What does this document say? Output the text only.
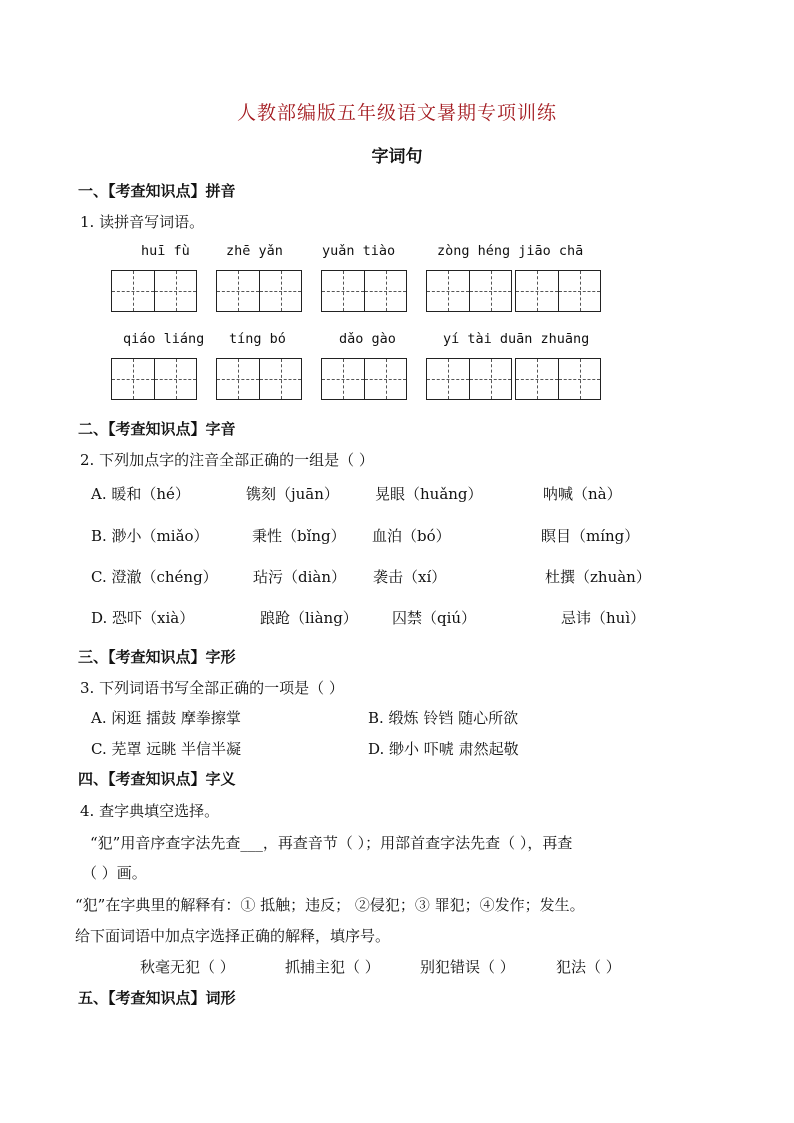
人教部编版五年级语文暑期专项训练
字词句
一、【考查知识点】拼音
1. 读拼音写词语。
huī fù	zhē yǎn	yuǎn tiào	zòng héng jiāo chā
qiáo liáng tíng bó	dǎo gào	yí tài duān zhuāng
二、【考查知识点】字音
2. 下列加点字的注音全部正确的一组是（ ）
A. 暖和（hé）	镌刻（juān） 晃眼（huǎng）	呐喊（nà）
B. 渺小（miǎo）	秉性（bǐng） 血泊（bó）	瞑目（míng）
C. 澄澈（chéng） 玷污（diàn） 袭击（xí）	杜撰（zhuàn）
D. 恐吓（xià）	踉跄（liàng） 囚禁（qiú）	忌讳（huì）
三、【考查知识点】字形
3. 下列词语书写全部正确的一项是（ ）
A. 闲逛 擂鼓 摩拳擦掌	B. 缎炼 铃铛 随心所欲
C. 芜罩 远眺 半信半凝	D. 缈小 吓唬 肃然起敬
四、【考查知识点】字义
4. 查字典填空选择。
“犯”用音序查字法先查___，再查音节（ ）；用部首查字法先查（ ），再查
（ ）画。
“犯”在字典里的解释有：① 抵触；违反； ②侵犯；③ 罪犯；④发作；发生。
给下面词语中加点字选择正确的解释，填序号。
秋毫无犯（ ）	抓捕主犯（ ）	别犯错误（ ）	犯法（ ）
五、【考查知识点】词形
